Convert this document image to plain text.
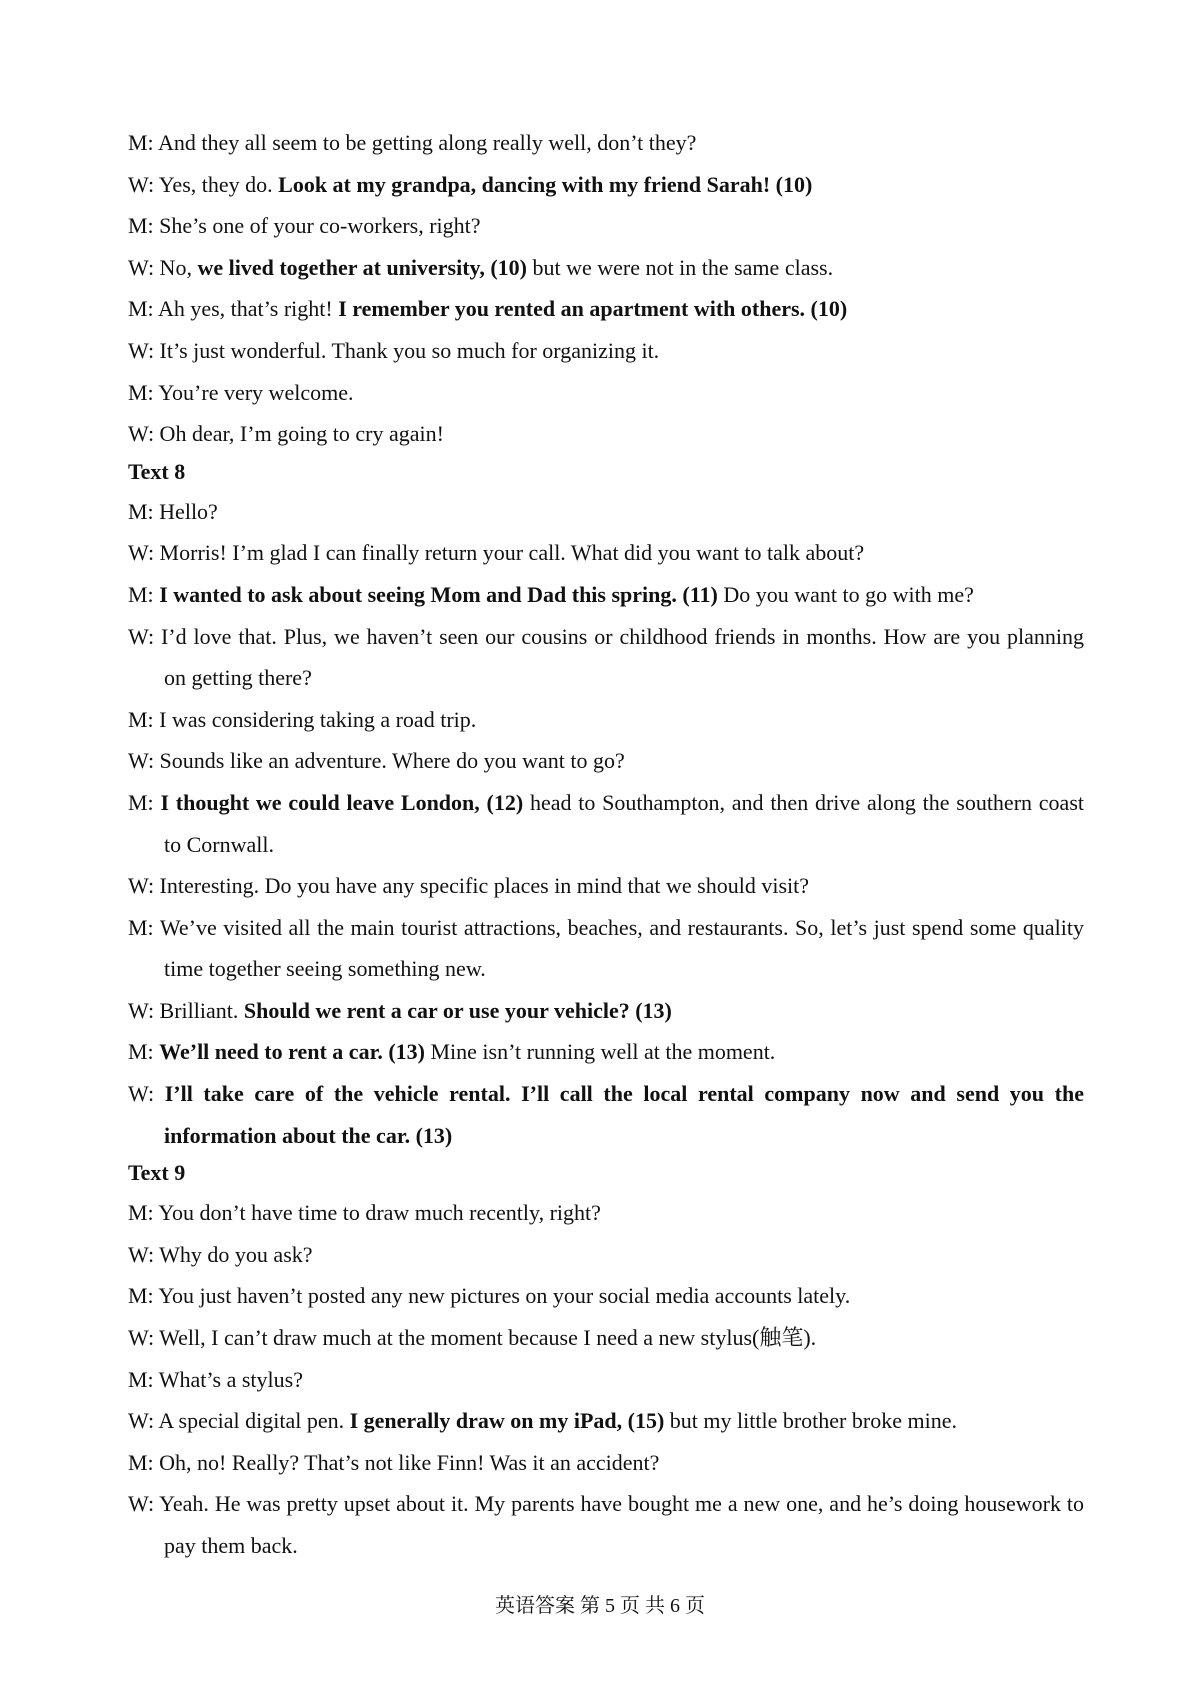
M: And they all seem to be getting along really well, don’t they?

W: Yes, they do. Look at my grandpa, dancing with my friend Sarah! (10)

M: She’s one of your co-workers, right?

W: No, we lived together at university, (10) but we were not in the same class.

M: Ah yes, that’s right! I remember you rented an apartment with others. (10)

W: It’s just wonderful. Thank you so much for organizing it.

M: You’re very welcome.

W: Oh dear, I’m going to cry again!

Text 8

M: Hello?

W: Morris! I’m glad I can finally return your call. What did you want to talk about?

M: I wanted to ask about seeing Mom and Dad this spring. (11) Do you want to go with me?

W: I’d love that. Plus, we haven’t seen our cousins or childhood friends in months. How are you planning on getting there?

M: I was considering taking a road trip.

W: Sounds like an adventure. Where do you want to go?

M: I thought we could leave London, (12) head to Southampton, and then drive along the southern coast to Cornwall.

W: Interesting. Do you have any specific places in mind that we should visit?

M: We’ve visited all the main tourist attractions, beaches, and restaurants. So, let’s just spend some quality time together seeing something new.

W: Brilliant. Should we rent a car or use your vehicle? (13)

M: We’ll need to rent a car. (13) Mine isn’t running well at the moment.

W: I’ll take care of the vehicle rental. I’ll call the local rental company now and send you the information about the car. (13)

Text 9

M: You don’t have time to draw much recently, right?

W: Why do you ask?

M: You just haven’t posted any new pictures on your social media accounts lately.

W: Well, I can’t draw much at the moment because I need a new stylus(触笔).

M: What’s a stylus?

W: A special digital pen. I generally draw on my iPad, (15) but my little brother broke mine.

M: Oh, no! Really? That’s not like Finn! Was it an accident?

W: Yeah. He was pretty upset about it. My parents have bought me a new one, and he’s doing housework to pay them back.

英语答案 第 5 页 共 6 页
